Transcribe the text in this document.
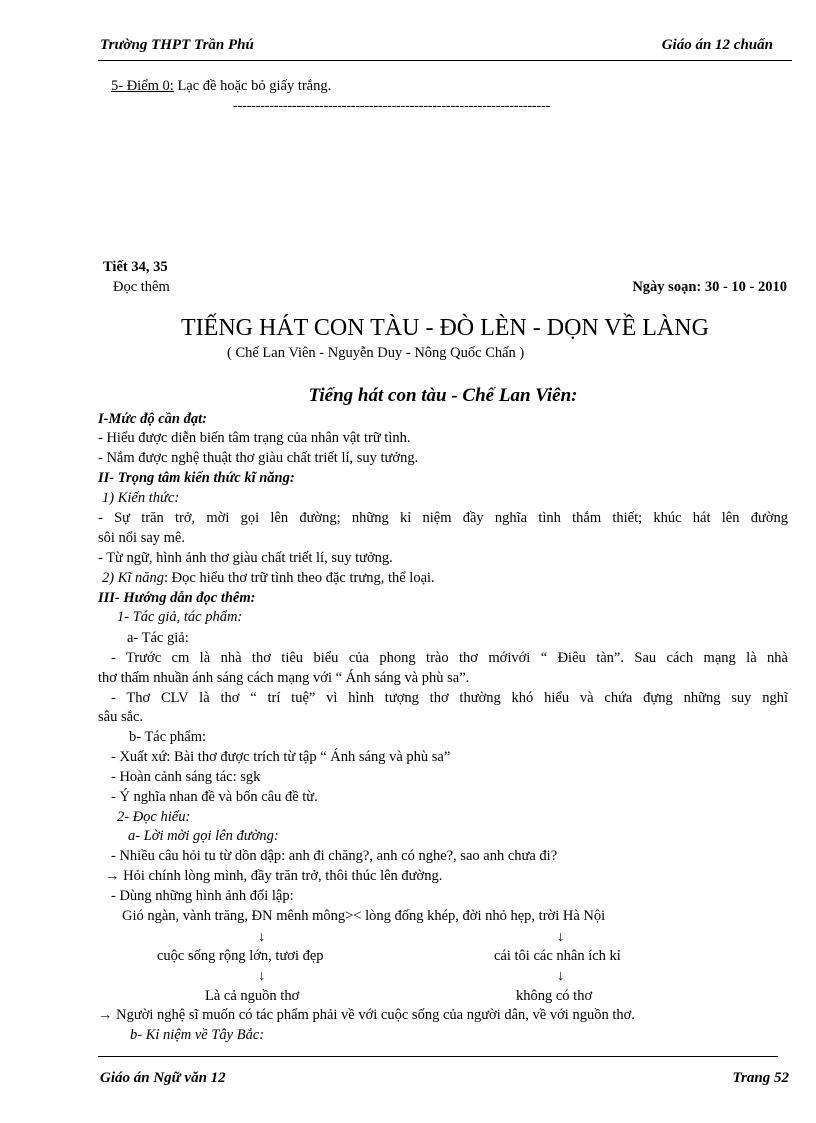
Trường THPT Trần Phú	Giáo án 12 chuẩn
5- Điểm 0: Lạc đề hoặc bỏ giấy trắng.
----------------------------------------------------------------------
Tiết 34, 35
Đọc thêm	Ngày soạn: 30 - 10 - 2010
TIẾNG HÁT CON TÀU - ĐÒ LÈN - DỌN VỀ LÀNG
( Chế Lan Viên - Nguyễn Duy - Nông Quốc Chấn )
Tiếng hát con tàu - Chế Lan Viên:
I-Mức độ cần đạt:
- Hiểu được diễn biến tâm trạng của nhân vật trữ tình.
- Nắm được nghệ thuật thơ giàu chất triết lí, suy tưởng.
II- Trọng tâm kiến thức kĩ năng:
1) Kiến thức:
- Sự trăn trở, mời gọi lên đường; những kỉ niệm đầy nghĩa tình thắm thiết; khúc hát lên đường
sôi nổi say mê.
- Từ ngữ, hình ảnh thơ giàu chất triết lí, suy tưởng.
2) Kĩ năng: Đọc hiểu thơ trữ tình theo đặc trưng, thể loại.
III- Hướng dẫn đọc thêm:
1- Tác giả, tác phẩm:
a- Tác giả:
- Trước cm là nhà thơ tiêu biểu của phong trào thơ mớivới “ Điêu tàn”. Sau cách mạng là nhà
thơ thấm nhuần ánh sáng cách mạng với “ Ánh sáng và phù sa”.
- Thơ CLV là thơ “ trí tuệ” vì hình tượng thơ thường khó hiểu và chứa đựng những suy nghĩ
sâu sắc.
b- Tác phẩm:
- Xuất xứ: Bài thơ được trích từ tập “ Ánh sáng và phù sa”
- Hoàn cảnh sáng tác: sgk
- Ý nghĩa nhan đề và bốn câu đề từ.
2- Đọc hiểu:
a- Lời mời gọi lên đường:
- Nhiều câu hỏi tu từ dồn dập: anh đi chăng?, anh có nghe?, sao anh chưa đi?
→ Hỏi chính lòng mình, đầy trăn trở, thôi thúc lên đường.
- Dùng những hình ảnh đối lập:
Gió ngàn, vành trăng, ĐN mênh mông>< lòng đống khép, đời nhỏ hẹp, trời Hà Nội
↓	↓
cuộc sống rộng lớn, tươi đẹp	cái tôi các nhân ích kỉ
↓	↓
Là cả nguồn thơ	không có thơ
→ Người nghệ sĩ muốn có tác phẩm phải về với cuộc sống của người dân, về với nguồn thơ.
b- Kỉ niệm về Tây Bắc:
Giáo án Ngữ văn 12	Trang 52
